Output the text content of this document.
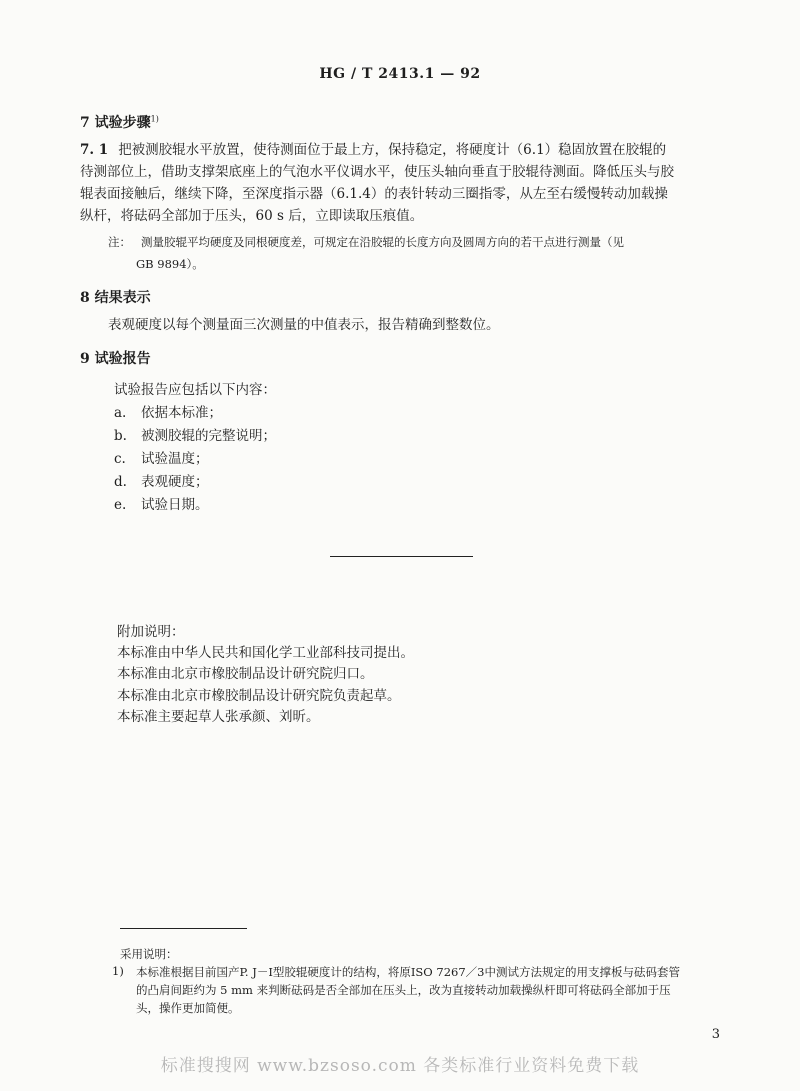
HG / T 2413.1 — 92
7 试验步骤$^{1)}$
7. 1 把被测胶辊水平放置，使待测面位于最上方，保持稳定，将硬度计（6.1）稳固放置在胶辊的
待测部位上，借助支撑架底座上的气泡水平仪调水平，使压头轴向垂直于胶辊待测面。降低压头与胶
辊表面接触后，继续下降，至深度指示器（6.1.4）的表针转动三圈指零，从左至右缓慢转动加载操
纵杆，将砝码全部加于压头，60 s 后，立即读取压痕值。
注： 测量胶辊平均硬度及同根硬度差，可规定在沿胶辊的长度方向及圆周方向的若干点进行测量（见
GB 9894）。
8 结果表示
表观硬度以每个测量面三次测量的中值表示，报告精确到整数位。
9 试验报告
试验报告应包括以下内容：
a. 依据本标准；
b. 被测胶辊的完整说明；
c. 试验温度；
d. 表观硬度；
e. 试验日期。
附加说明：
本标准由中华人民共和国化学工业部科技司提出。
本标准由北京市橡胶制品设计研究院归口。
本标准由北京市橡胶制品设计研究院负责起草。
本标准主要起草人张承颜、刘昕。
采用说明：
1) 本标准根据目前国产P. J－Ⅰ型胶辊硬度计的结构，将原ISO 7267／3中测试方法规定的用支撑板与砝码套管
的凸肩间距约为 5 mm 来判断砝码是否全部加在压头上，改为直接转动加载操纵杆即可将砝码全部加于压
头，操作更加简便。
3
标准搜搜网 www.bzsoso.com 各类标准行业资料免费下载
